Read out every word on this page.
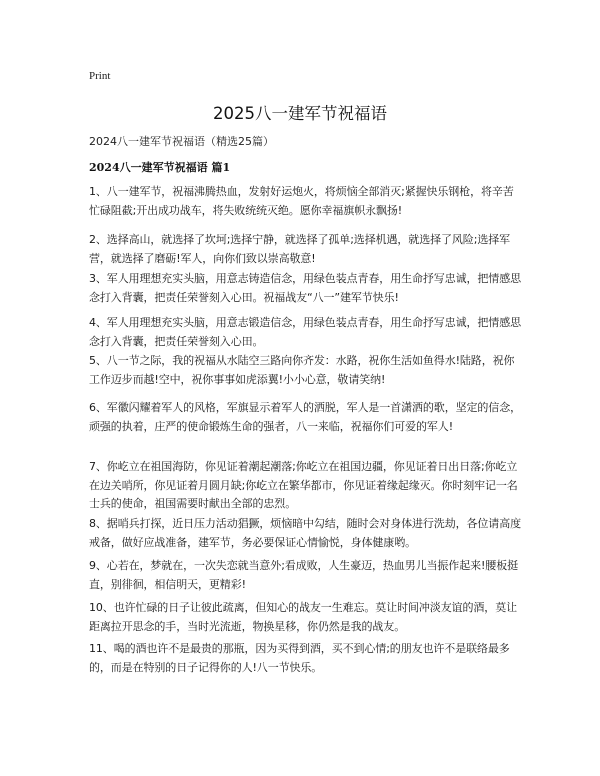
Print
2025八一建军节祝福语
2024八一建军节祝福语（精选25篇）
2024八一建军节祝福语 篇1

1、八一建军节，祝福沸腾热血，发射好运炮火，将烦恼全部消灭;紧握快乐钢枪，将辛苦忙碌阻截;开出成功战车，将失败统统灭绝。愿你幸福旗帜永飘扬!

2、选择高山，就选择了坎坷;选择宁静，就选择了孤单;选择机遇，就选择了风险;选择军营，就选择了磨砺!军人，向你们致以崇高敬意!

3、军人用理想充实头脑，用意志铸造信念，用绿色装点青春，用生命抒写忠诚，把情感思念打入背囊，把责任荣誉刻入心田。祝福战友“八一”建军节快乐!

4、军人用理想充实头脑，用意志锻造信念，用绿色装点青春，用生命抒写忠诚，把情感思念打入背囊，把责任荣誉刻入心田。

5、八一节之际，我的祝福从水陆空三路向你齐发：水路，祝你生活如鱼得水!陆路，祝你工作迈步而越!空中，祝你事事如虎添翼!小小心意，敬请笑纳!

6、军徽闪耀着军人的风格，军旗显示着军人的洒脱，军人是一首潇洒的歌，坚定的信念，顽强的执着，庄严的使命锻炼生命的强者，八一来临，祝福你们可爱的军人!

7、你屹立在祖国海防，你见证着潮起潮落;你屹立在祖国边疆，你见证着日出日落;你屹立在边关哨所，你见证着月圆月缺;你屹立在繁华都市，你见证着缘起缘灭。你时刻牢记一名士兵的使命，祖国需要时献出全部的忠烈。

8、据哨兵打探，近日压力活动猖獗，烦恼暗中勾结，随时会对身体进行洗劫，各位请高度戒备，做好应战准备，建军节，务必要保证心情愉悦，身体健康哟。

9、心若在，梦就在，一次失恋就当意外;看成败，人生豪迈，热血男儿当振作起来!腰板挺直，别徘徊，相信明天，更精彩!

10、也许忙碌的日子让彼此疏离，但知心的战友一生难忘。莫让时间冲淡友谊的酒，莫让距离拉开思念的手，当时光流逝，物换星移，你仍然是我的战友。

11、喝的酒也许不是最贵的那瓶，因为买得到酒，买不到心情;的朋友也许不是联络最多的，而是在特别的日子记得你的人!八一节快乐。
